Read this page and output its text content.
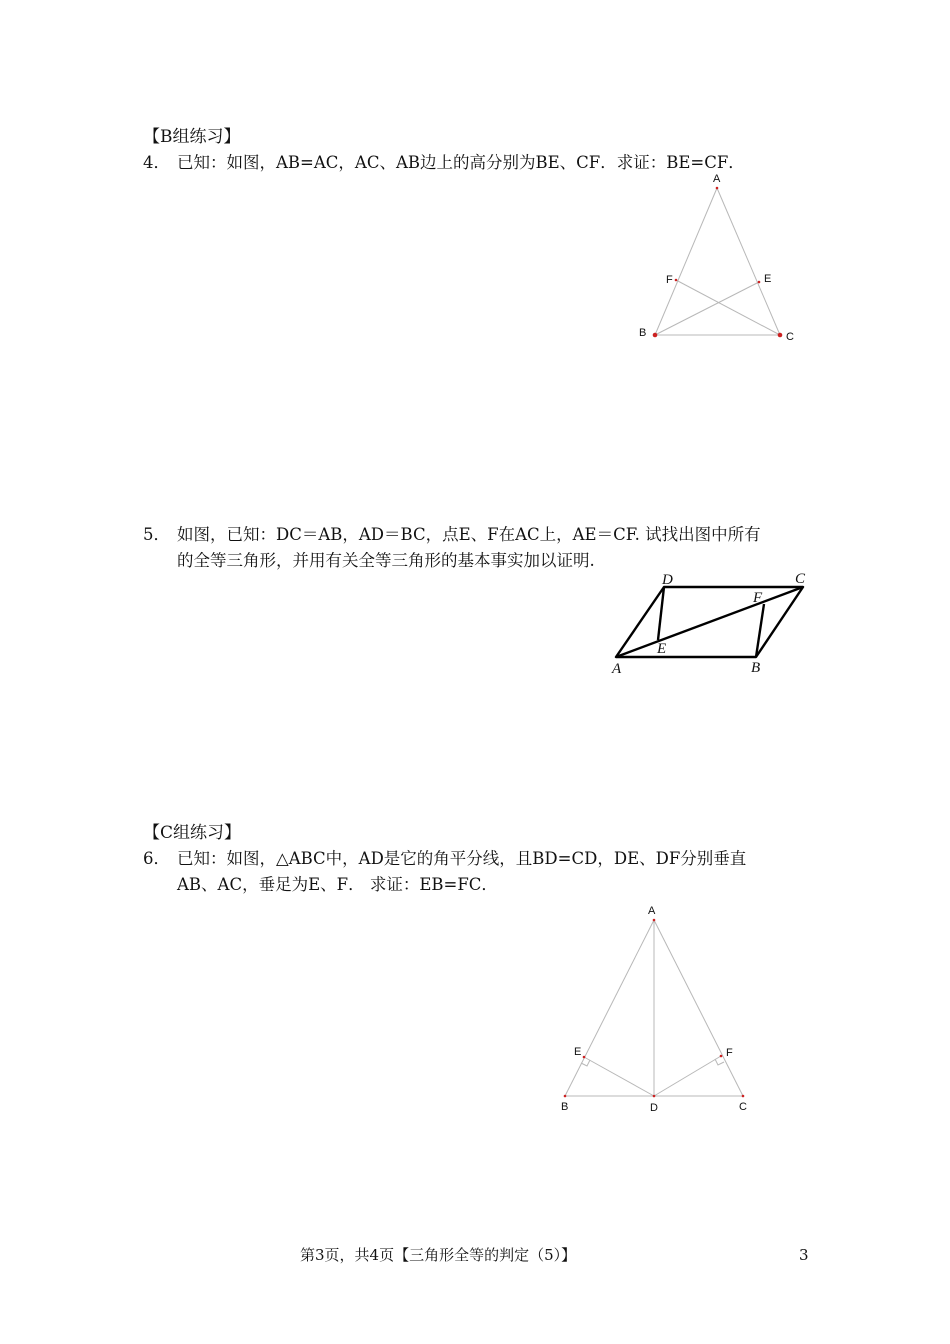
【B组练习】
4． 已知：如图，AB=AC，AC、AB边上的高分别为BE、CF．求证：BE=CF．
A
F	E
B	C
5． 如图，已知：DC＝AB，AD＝BC，点E、F在AC上，AE＝CF. 试找出图中所有
的全等三角形，并用有关全等三角形的基本事实加以证明.
D	C
F
E
A	B
【C组练习】
6． 已知：如图，△ABC中，AD是它的角平分线，且BD=CD，DE、DF分别垂直
AB、AC，垂足为E、F． 求证：EB=FC．
A
E	F
B	D	C
第3页，共4页【三角形全等的判定（5）】	3
